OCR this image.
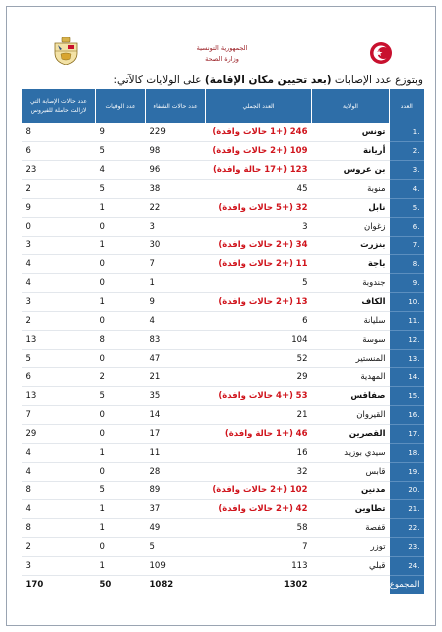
الجمهورية التونسية
وزارة الصحة
وبتوزع عدد الإصابات (بعد تحيين مكان الإقامة) على الولايات كالآتي:
العدد	الولاية	العدد الجملي	عدد حالات الشفاء	عدد الوفيات	عدد حالات الإصابة التي لازالت حاملة للفيروس
.1	تونس	246 (+1 حالات وافدة)	229	9	8
.2	أريانة	109 (+2 حالات وافدة)	98	5	6
.3	بن عروس	123 (+17 حالة وافدة)	96	4	23
.4	منوبة	45	38	5	2
.5	نابل	32 (+5 حالات وافدة)	22	1	9
.6	زغوان	3	3	0	0
.7	بنزرت	34 (+2 حالات وافدة)	30	1	3
.8	باجة	11 (+2 حالات وافدة)	7	0	4
.9	جندوبة	5	1	0	4
.10	الكاف	13 (+2 حالات وافدة)	9	1	3
.11	سليانة	6	4	0	2
.12	سوسة	104	83	8	13
.13	المنستير	52	47	0	5
.14	المهدية	29	21	2	6
.15	صفاقس	53 (+4 حالات وافدة)	35	5	13
.16	القيروان	21	14	0	7
.17	القصرين	46 (+1 حالة وافدة)	17	0	29
.18	سيدي بوزيد	16	11	1	4
.19	قابس	32	28	0	4
.20	مدنين	102 (+2 حالات وافدة)	89	5	8
.21	تطاوين	42 (+2 حالات وافدة)	37	1	4
.22	قفصة	58	49	1	8
.23	توزر	7	5	0	2
.24	قبلي	113	109	1	3
المجموع		1302	1082	50	170
